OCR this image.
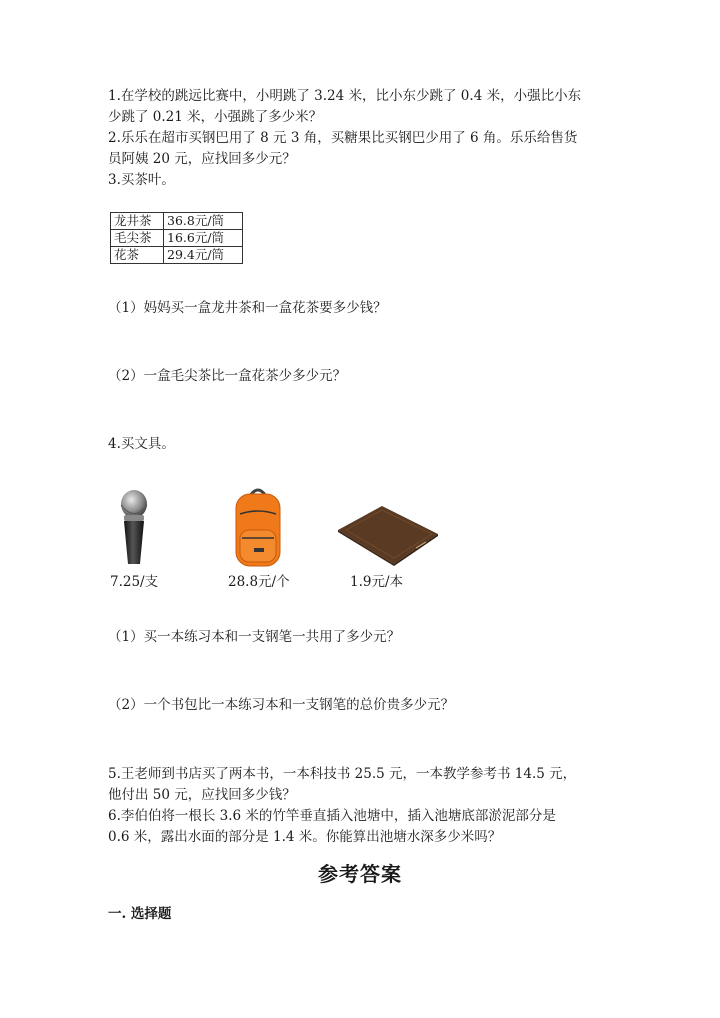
1.在学校的跳远比赛中，小明跳了 3.24 米，比小东少跳了 0.4 米，小强比小东
少跳了 0.21 米，小强跳了多少米？
2.乐乐在超市买钢巴用了 8 元 3 角，买糖果比买钢巴少用了 6 角。乐乐给售货
员阿姨 20 元，应找回多少元？
3.买茶叶。
龙井茶	36.8元/筒
毛尖茶	16.6元/筒
花茶	29.4元/筒
（1）妈妈买一盒龙井茶和一盒花茶要多少钱？
（2）一盒毛尖茶比一盒花茶少多少元？
4.买文具。
7.25/支	28.8元/个	1.9元/本
（1）买一本练习本和一支钢笔一共用了多少元？
（2）一个书包比一本练习本和一支钢笔的总价贵多少元？
5.王老师到书店买了两本书，一本科技书 25.5 元，一本教学参考书 14.5 元，
他付出 50 元，应找回多少钱？
6.李伯伯将一根长 3.6 米的竹竿垂直插入池塘中，插入池塘底部淤泥部分是
0.6 米，露出水面的部分是 1.4 米。你能算出池塘水深多少米吗？
参考答案
一. 选择题
